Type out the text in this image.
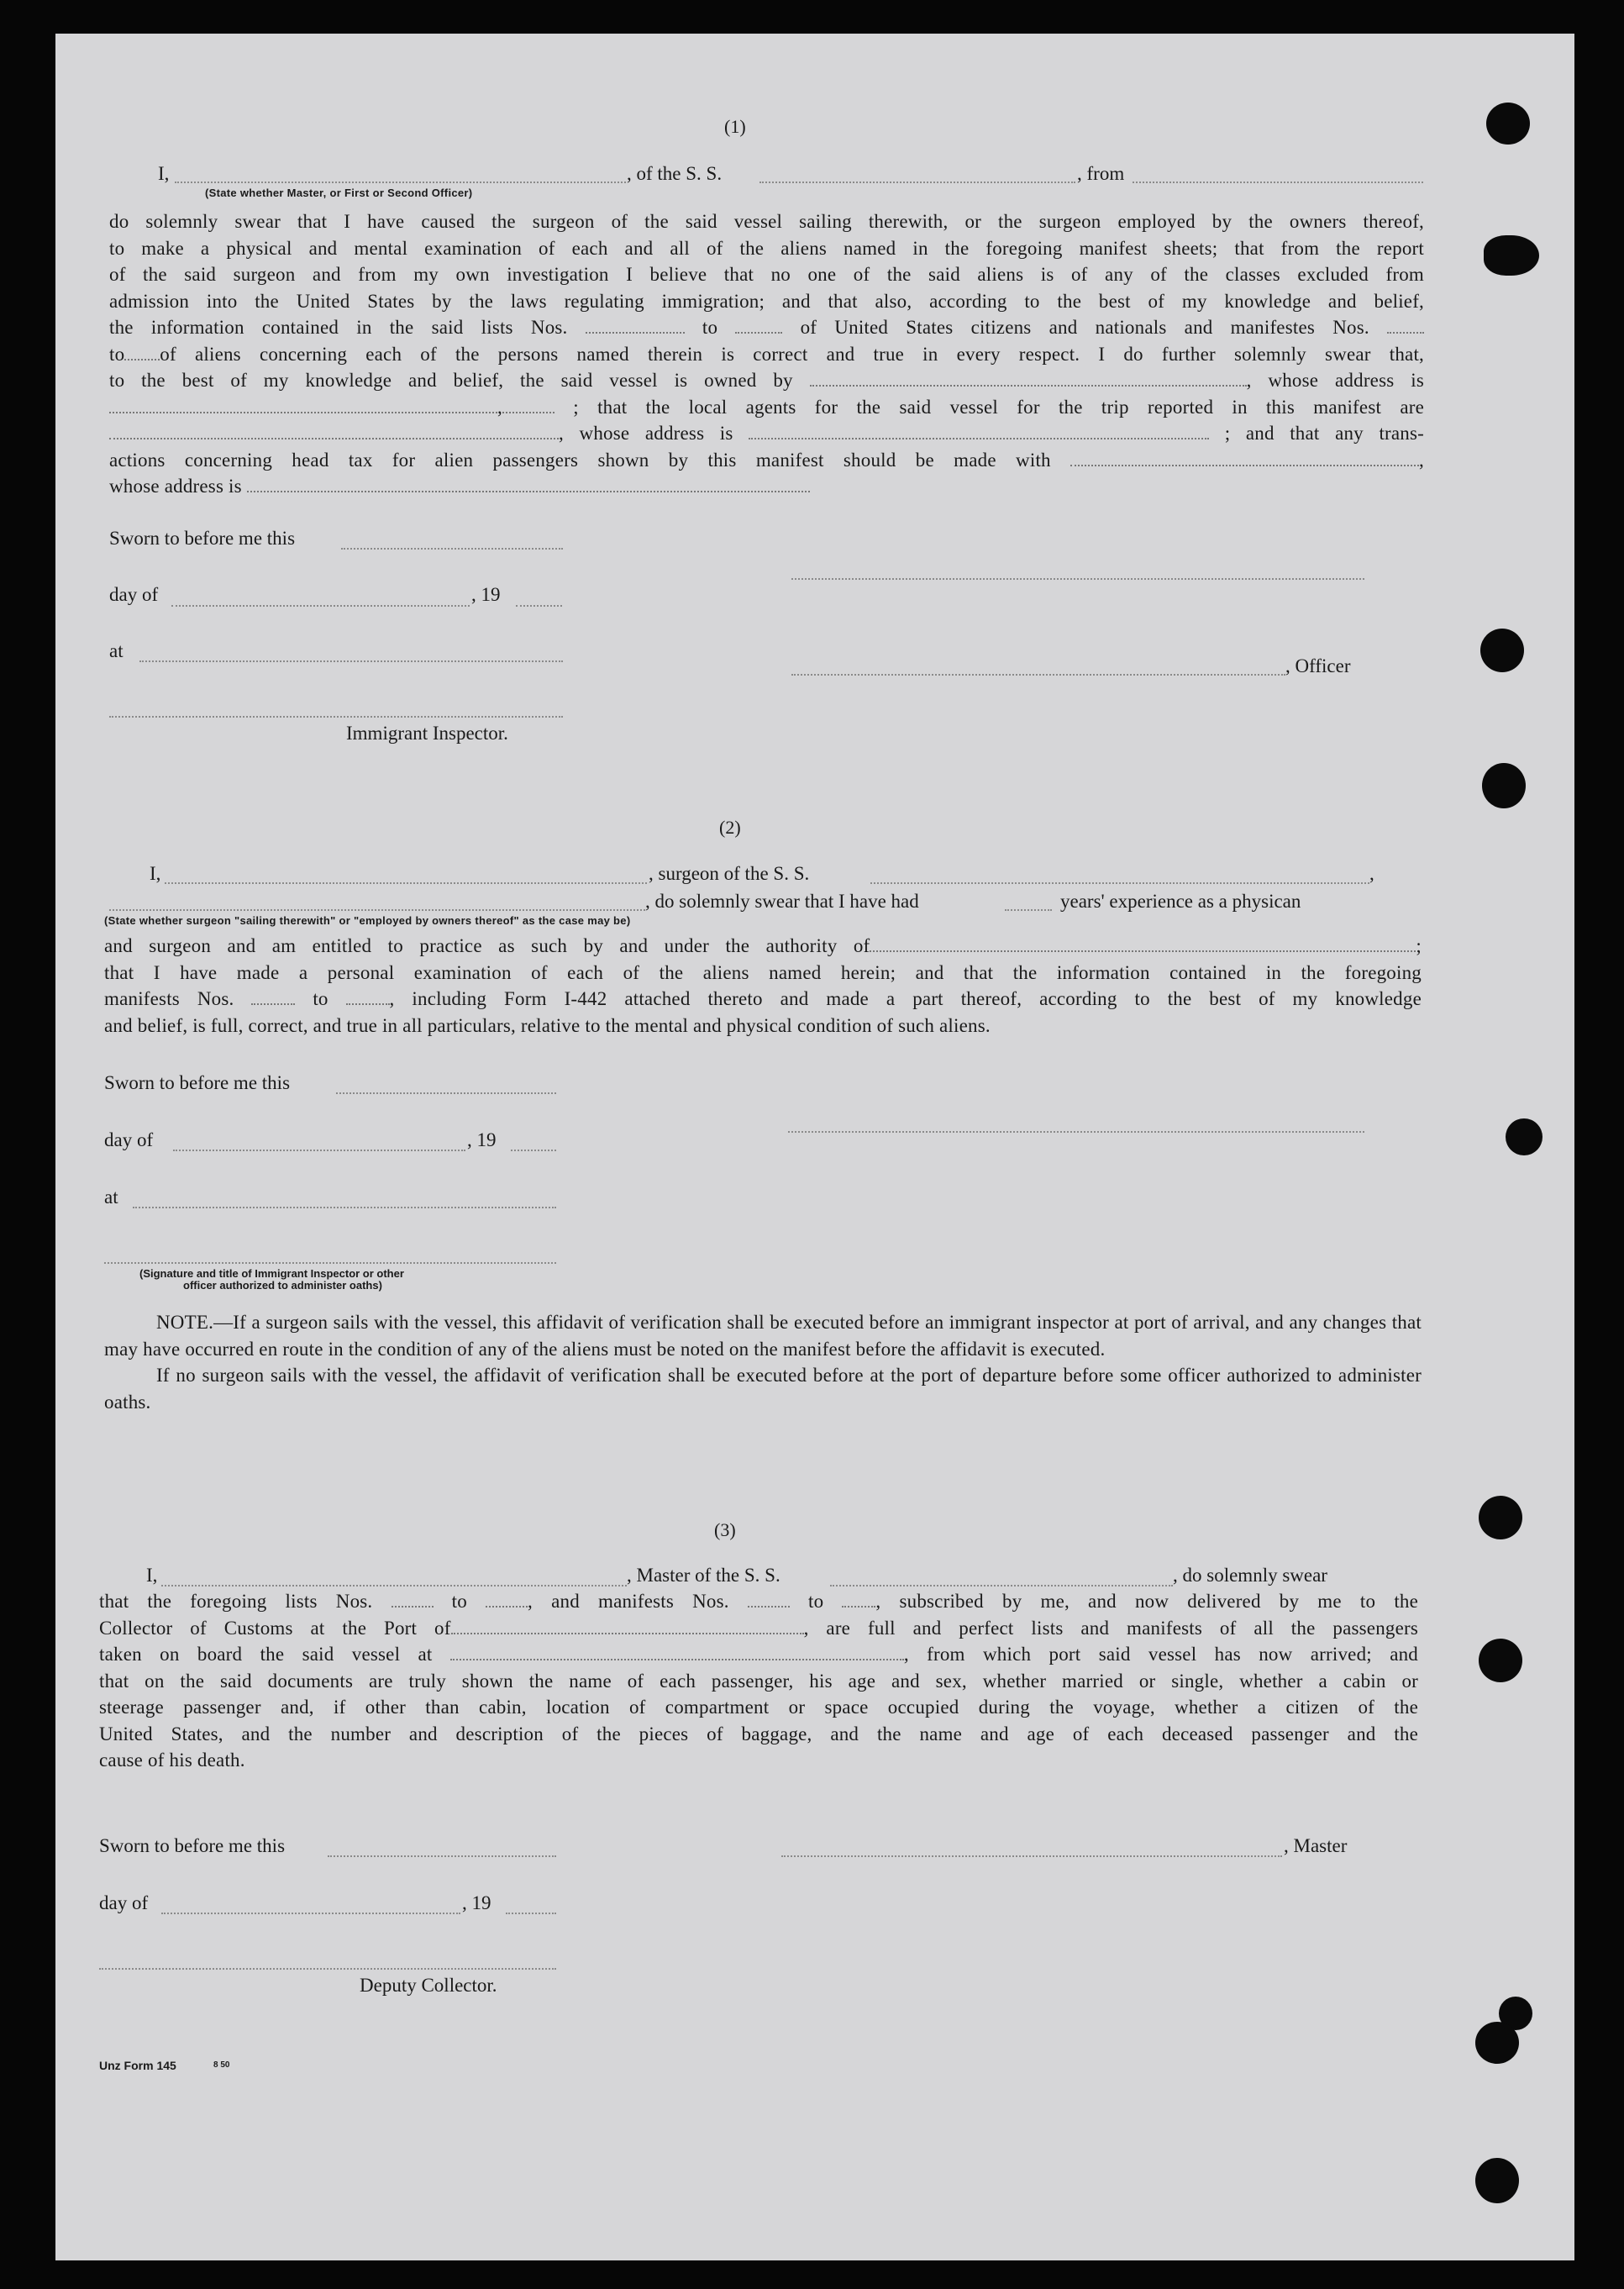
(1)
I,	, of the S. S.	, from
(State whether Master, or First or Second Officer)

do solemnly swear that I have caused the surgeon of the said vessel sailing therewith, or the surgeon employed by the owners thereof,

to make a physical and mental examination of each and all of the aliens named in the foregoing manifest sheets; that from the report

of the said surgeon and from my own investigation I believe that no one of the said aliens is of any of the classes excluded from

admission into the United States by the laws regulating immigration; and that also, according to the best of my knowledge and belief,

the information contained in the said lists Nos.	to	of United States citizens and nationals and manifestes Nos.

to of aliens concerning each of the persons named therein is correct and true in every respect. I do further solemnly swear that,

to the best of my knowledge and belief, the said vessel is owned by	, whose address is

,	; that the local agents for the said vessel for the trip reported in this manifest are

, whose address is	; and that any trans-

actions concerning head tax for alien passengers shown by this manifest should be made with	,

whose address is

Sworn to before me this
day of	, 19
at
, Officer
Immigrant Inspector.
(2)
I,	, surgeon of the S. S.	,
, do solemnly swear that I have had	years' experience as a physican
(State whether surgeon "sailing therewith" or "employed by owners thereof" as the case may be)

and surgeon and am entitled to practice as such by and under the authority of	;

that I have made a personal examination of each of the aliens named herein; and that the information contained in the foregoing

manifests Nos.	to	, including Form I-442 attached thereto and made a part thereof, according to the best of my knowledge

and belief, is full, correct, and true in all particulars, relative to the mental and physical condition of such aliens.

Sworn to before me this
day of	, 19
at
(Signature and title of Immigrant Inspector or other
officer authorized to administer oaths)

NOTE.—If a surgeon sails with the vessel, this affidavit of verification shall be executed before an immigrant inspector at port of arrival, and any changes that may have occurred en route in the condition of any of the aliens must be noted on the manifest before the affidavit is executed.

If no surgeon sails with the vessel, the affidavit of verification shall be executed before at the port of departure before some officer authorized to administer oaths.

(3)
I,	, Master of the S. S.	, do solemnly swear

that the foregoing lists Nos.	to	, and manifests Nos.	to	, subscribed by me, and now delivered by me to the

Collector of Customs at the Port of	, are full and perfect lists and manifests of all the passengers

taken on board the said vessel at	, from which port said vessel has now arrived; and

that on the said documents are truly shown the name of each passenger, his age and sex, whether married or single, whether a cabin or

steerage passenger and, if other than cabin, location of compartment or space occupied during the voyage, whether a citizen of the

United States, and the number and description of the pieces of baggage, and the name and age of each deceased passenger and the

cause of his death.

Sworn to before me this	, Master
day of	, 19
Deputy Collector.
Unz Form 145	8 50
